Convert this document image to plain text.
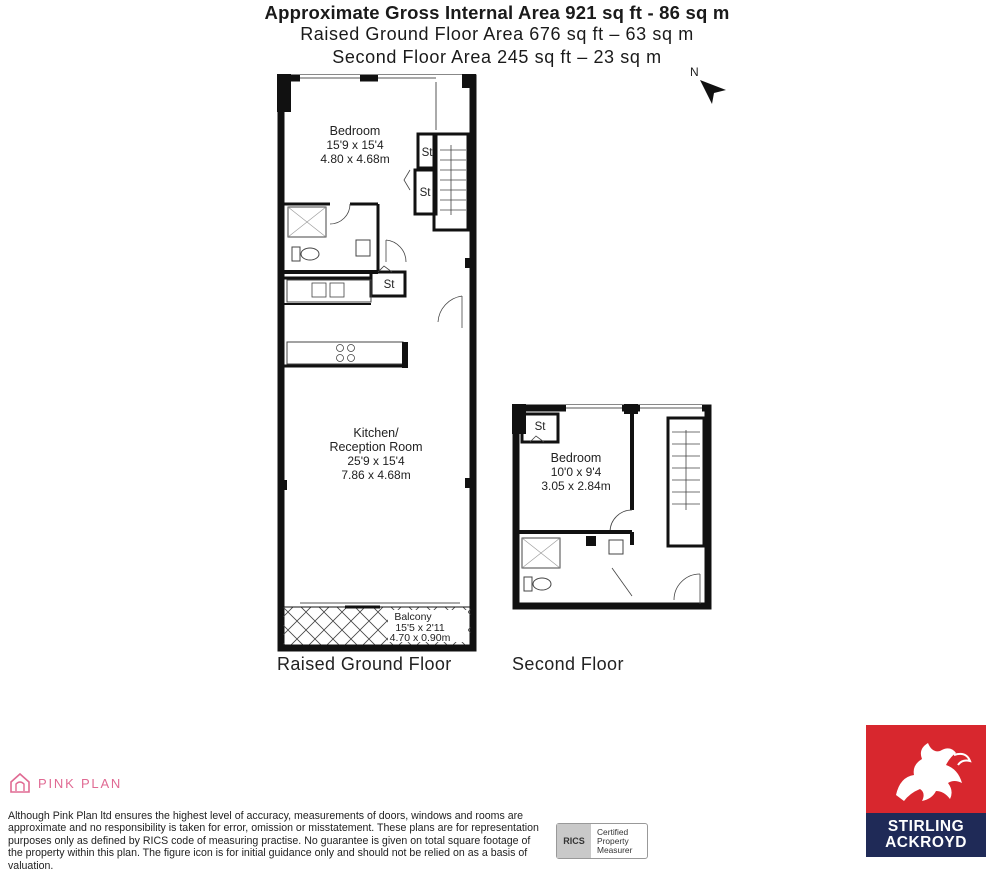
Approximate Gross Internal Area 921 sq ft - 86 sq m
Raised Ground Floor Area 676 sq ft – 63 sq m
Second Floor Area 245 sq ft – 23 sq m
N
St
St
St
Bedroom
15'9 x 15'4
4.80 x 4.68m
Kitchen/
Reception Room
25'9 x 15'4
7.86 x 4.68m
Balcony
15'5 x 2'11
4.70 x 0.90m
Raised Ground Floor
St
Bedroom
10'0 x 9'4
3.05 x 2.84m
Second Floor
PINK PLAN
Although Pink Plan ltd ensures the highest level of accuracy, measurements of doors, windows and rooms are approximate and no responsibility is taken for error, omission or misstatement. These plans are for representation purposes only as defined by RICS code of measuring practise. No guarantee is given on total square footage of the property within this plan. The figure icon is for initial guidance only and should not be relied on as a basis of valuation.
RICS
Certified
Property
Measurer
STIRLING
ACKROYD
